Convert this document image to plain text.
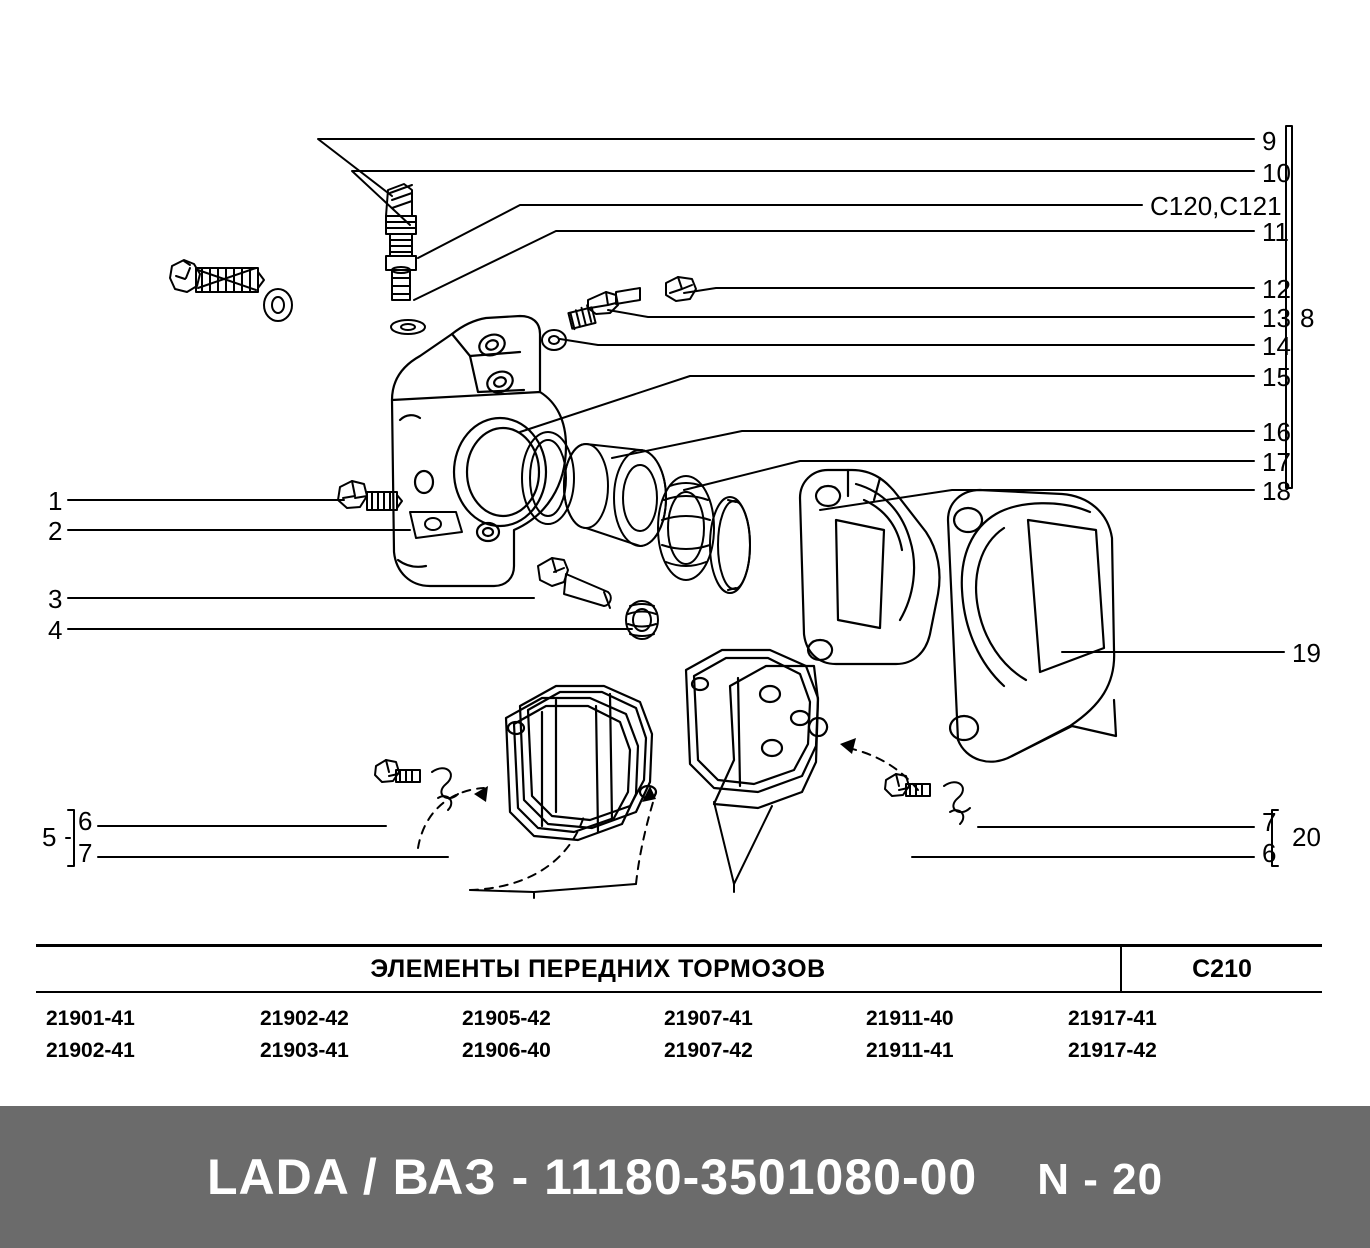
9
10
C120,C121
11
12
8
13
14
15
16
17
18
19
1
2
3
4
5
6
7
7
6
20
ЭЛЕМЕНТЫ ПЕРЕДНИХ ТОРМОЗОВ	C210
21901-41	21902-42	21905-42	21907-41	21911-40	21917-41
21902-41	21903-41	21906-40	21907-42	21911-41	21917-42
LADA / ВАЗ - 11180-3501080-00 N - 20
